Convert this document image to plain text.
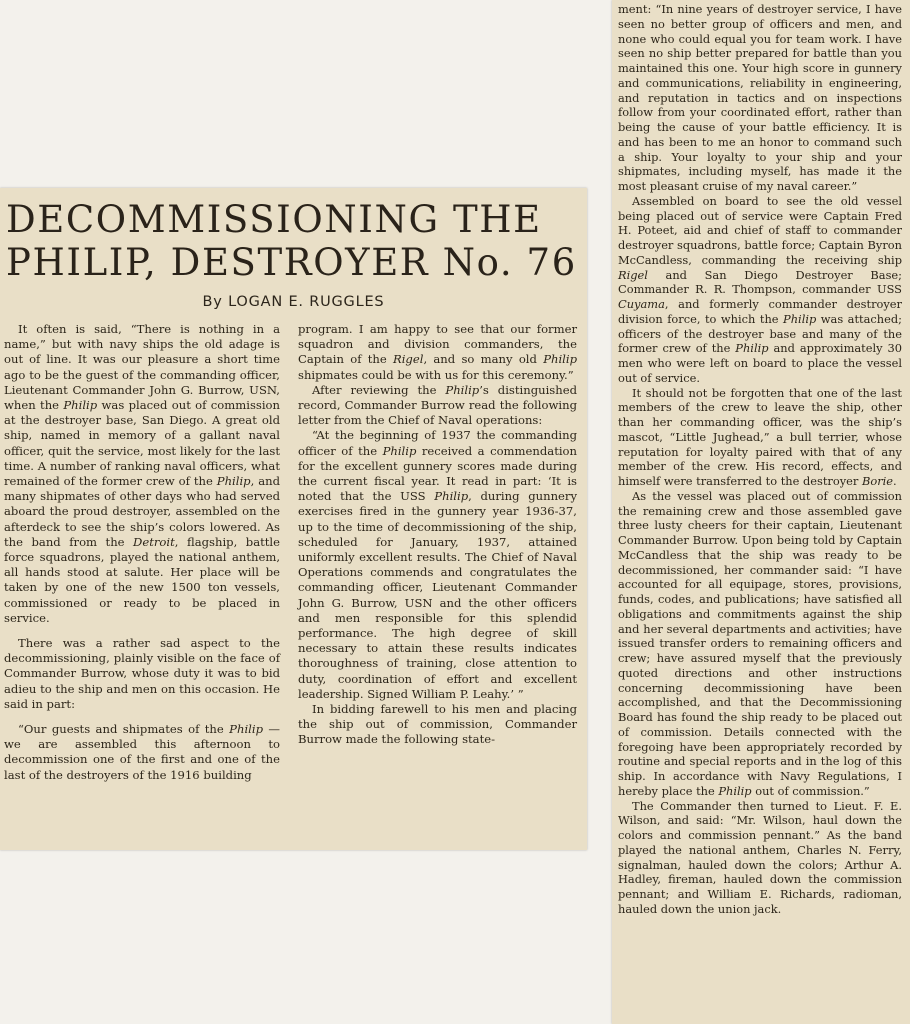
DECOMMISSIONING THE
PHILIP, DESTROYER No. 76
By LOGAN E. RUGGLES

It often is said, “There is nothing in a name,” but with navy ships the old adage is out of line. It was our pleasure a short time ago to be the guest of the commanding officer, Lieutenant Commander John G. Burrow, USN, when the Philip was placed out of commission at the destroyer base, San Diego. A great old ship, named in memory of a gallant naval officer, quit the service, most likely for the last time. A number of ranking naval officers, what remained of the former crew of the Philip, and many shipmates of other days who had served aboard the proud destroyer, assembled on the afterdeck to see the ship’s colors lowered. As the band from the Detroit, flagship, battle force squadrons, played the national anthem, all hands stood at salute. Her place will be taken by one of the new 1500 ton vessels, commissioned or ready to be placed in service.

There was a rather sad aspect to the decommissioning, plainly visible on the face of Commander Burrow, whose duty it was to bid adieu to the ship and men on this occasion. He said in part:

“Our guests and shipmates of the Philip —we are assembled this afternoon to decommission one of the first and one of the last of the destroyers of the 1916 building

program. I am happy to see that our former squadron and division commanders, the Captain of the Rigel, and so many old Philip shipmates could be with us for this ceremony.”

After reviewing the Philip’s distinguished record, Commander Burrow read the following letter from the Chief of Naval operations:

“At the beginning of 1937 the commanding officer of the Philip received a commendation for the excellent gunnery scores made during the current fiscal year. It read in part: ‘It is noted that the USS Philip, during gunnery exercises fired in the gunnery year 1936-37, up to the time of decommissioning of the ship, scheduled for January, 1937, attained uniformly excellent results. The Chief of Naval Operations commends and congratulates the commanding officer, Lieutenant Commander John G. Burrow, USN and the other officers and men responsible for this splendid performance. The high degree of skill necessary to attain these results indicates thoroughness of training, close attention to duty, coordination of effort and excellent leadership. Signed William P. Leahy.’ ”

In bidding farewell to his men and placing the ship out of commission, Commander Burrow made the following state-

ment: “In nine years of destroyer service, I have seen no better group of officers and men, and none who could equal you for team work. I have seen no ship better prepared for battle than you maintained this one. Your high score in gunnery and communications, reliability in engineering, and reputation in tactics and on inspections follow from your coordinated effort, rather than being the cause of your battle efficiency. It is and has been to me an honor to command such a ship. Your loyalty to your ship and your shipmates, including myself, has made it the most pleasant cruise of my naval career.”

Assembled on board to see the old vessel being placed out of service were Captain Fred H. Poteet, aid and chief of staff to commander destroyer squadrons, battle force; Captain Byron McCandless, commanding the receiving ship Rigel and San Diego Destroyer Base; Commander R. R. Thompson, commander USS Cuyama, and formerly commander destroyer division force, to which the Philip was attached; officers of the destroyer base and many of the former crew of the Philip and approximately 30 men who were left on board to place the vessel out of service.

It should not be forgotten that one of the last members of the crew to leave the ship, other than her commanding officer, was the ship’s mascot, “Little Jughead,” a bull terrier, whose reputation for loyalty paired with that of any member of the crew. His record, effects, and himself were transferred to the destroyer Borie.

As the vessel was placed out of commission the remaining crew and those assembled gave three lusty cheers for their captain, Lieutenant Commander Burrow. Upon being told by Captain McCandless that the ship was ready to be decommissioned, her commander said: “I have accounted for all equipage, stores, provisions, funds, codes, and publications; have satisfied all obligations and commitments against the ship and her several departments and activities; have issued transfer orders to remaining officers and crew; have assured myself that the previously quoted directions and other instructions concerning decommissioning have been accomplished, and that the Decommissioning Board has found the ship ready to be placed out of commission. Details connected with the foregoing have been appropriately recorded by routine and special reports and in the log of this ship. In accordance with Navy Regulations, I hereby place the Philip out of commission.”

The Commander then turned to Lieut. F. E. Wilson, and said: “Mr. Wilson, haul down the colors and commission pennant.” As the band played the national anthem, Charles N. Ferry, signalman, hauled down the colors; Arthur A. Hadley, fireman, hauled down the commission pennant; and William E. Richards, radioman, hauled down the union jack.
